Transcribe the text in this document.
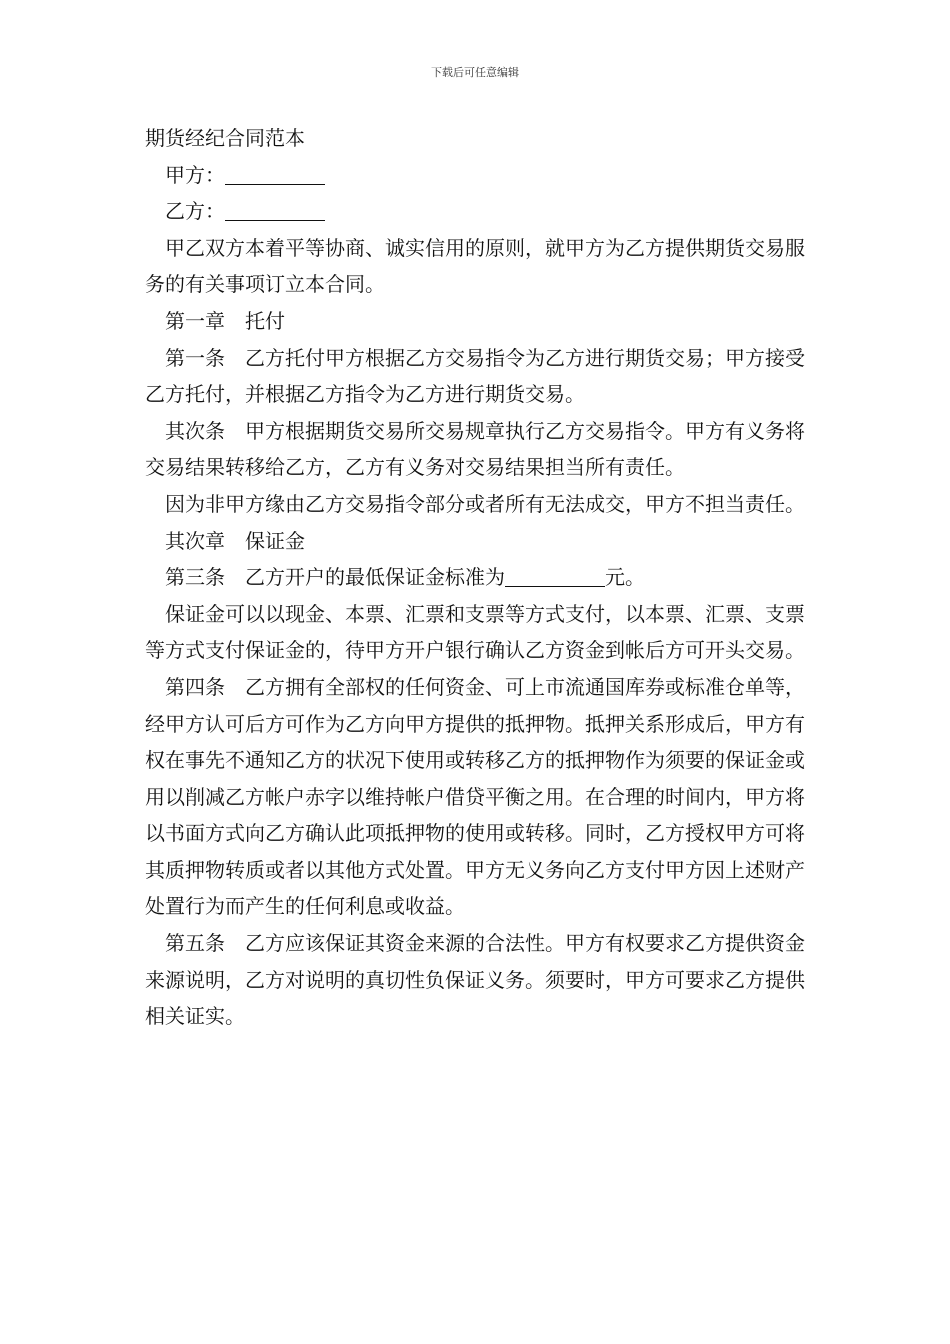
下载后可任意编辑

期货经纪合同范本

甲方：

乙方：

甲乙双方本着平等协商、诚实信用的原则，就甲方为乙方提供期货交易服务的有关事项订立本合同。

第一章　托付

第一条　乙方托付甲方根据乙方交易指令为乙方进行期货交易；甲方接受乙方托付，并根据乙方指令为乙方进行期货交易。

其次条　甲方根据期货交易所交易规章执行乙方交易指令。甲方有义务将交易结果转移给乙方，乙方有义务对交易结果担当所有责任。

因为非甲方缘由乙方交易指令部分或者所有无法成交，甲方不担当责任。

其次章　保证金

第三条　乙方开户的最低保证金标准为	元。

保证金可以以现金、本票、汇票和支票等方式支付，以本票、汇票、支票等方式支付保证金的，待甲方开户银行确认乙方资金到帐后方可开头交易。

第四条　乙方拥有全部权的任何资金、可上市流通国库券或标准仓单等，经甲方认可后方可作为乙方向甲方提供的抵押物。抵押关系形成后，甲方有权在事先不通知乙方的状况下使用或转移乙方的抵押物作为须要的保证金或用以削减乙方帐户赤字以维持帐户借贷平衡之用。在合理的时间内，甲方将以书面方式向乙方确认此项抵押物的使用或转移。同时，乙方授权甲方可将其质押物转质或者以其他方式处置。甲方无义务向乙方支付甲方因上述财产处置行为而产生的任何利息或收益。

第五条　乙方应该保证其资金来源的合法性。甲方有权要求乙方提供资金来源说明，乙方对说明的真切性负保证义务。须要时，甲方可要求乙方提供相关证实。
